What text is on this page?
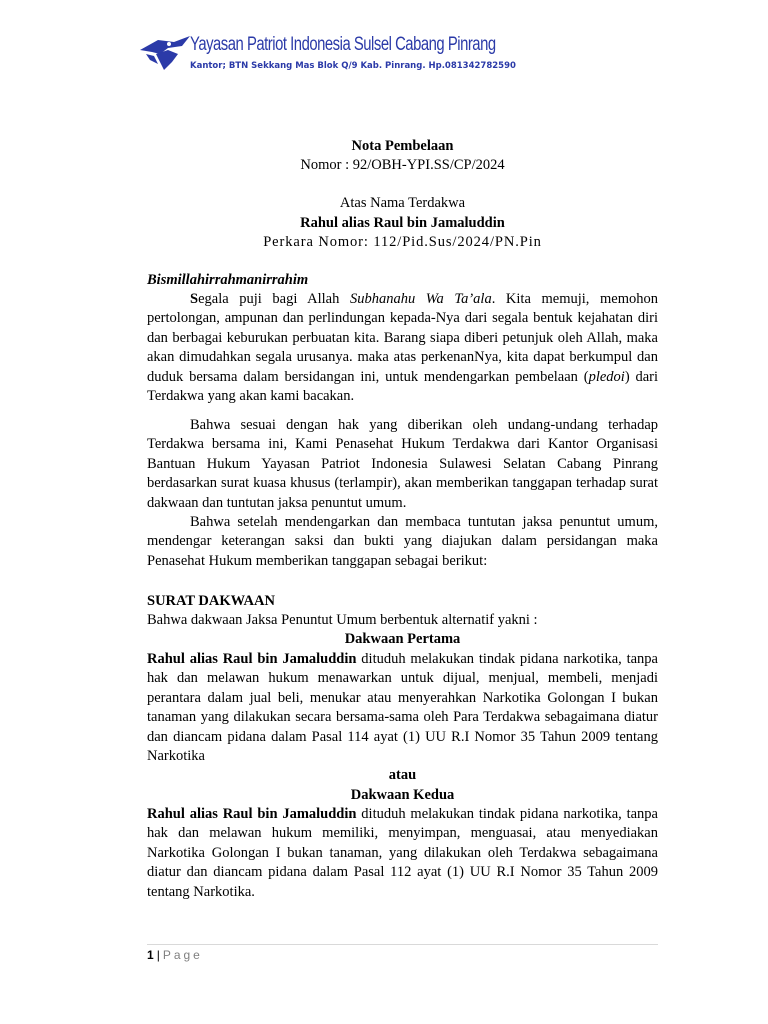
Yayasan Patriot Indonesia Sulsel Cabang Pinrang
Kantor; BTN Sekkang Mas Blok Q/9 Kab. Pinrang. Hp.081342782590
Nota Pembelaan
Nomor : 92/OBH-YPI.SS/CP/2024
Atas Nama Terdakwa
Rahul alias Raul bin Jamaluddin
Perkara Nomor: 112/Pid.Sus/2024/PN.Pin
Bismillahirrahmanirrahim

Segala puji bagi Allah Subhanahu Wa Ta’ala. Kita memuji, memohon pertolongan, ampunan dan perlindungan kepada-Nya dari segala bentuk kejahatan diri dan berbagai keburukan perbuatan kita. Barang siapa diberi petunjuk oleh Allah, maka akan dimudahkan segala urusanya. maka atas perkenanNya, kita dapat berkumpul dan duduk bersama dalam bersidangan ini, untuk mendengarkan pembelaan (pledoi) dari Terdakwa yang akan kami bacakan.

Bahwa sesuai dengan hak yang diberikan oleh undang-undang terhadap Terdakwa bersama ini, Kami Penasehat Hukum Terdakwa dari Kantor Organisasi Bantuan Hukum Yayasan Patriot Indonesia Sulawesi Selatan Cabang Pinrang berdasarkan surat kuasa khusus (terlampir), akan memberikan tanggapan terhadap surat dakwaan dan tuntutan jaksa penuntut umum.

Bahwa setelah mendengarkan dan membaca tuntutan jaksa penuntut umum, mendengar keterangan saksi dan bukti yang diajukan dalam persidangan maka Penasehat Hukum memberikan tanggapan sebagai berikut:

SURAT DAKWAAN
Bahwa dakwaan Jaksa Penuntut Umum berbentuk alternatif yakni :
Dakwaan Pertama

Rahul alias Raul bin Jamaluddin dituduh melakukan tindak pidana narkotika, tanpa hak dan melawan hukum menawarkan untuk dijual, menjual, membeli, menjadi perantara dalam jual beli, menukar atau menyerahkan Narkotika Golongan I bukan tanaman yang dilakukan secara bersama-sama oleh Para Terdakwa sebagaimana diatur dan diancam pidana dalam Pasal 114 ayat (1) UU R.I Nomor 35 Tahun 2009 tentang Narkotika

atau
Dakwaan Kedua

Rahul alias Raul bin Jamaluddin dituduh melakukan tindak pidana narkotika, tanpa hak dan melawan hukum memiliki, menyimpan, menguasai, atau menyediakan Narkotika Golongan I bukan tanaman, yang dilakukan oleh Terdakwa sebagaimana diatur dan diancam pidana dalam Pasal 112 ayat (1) UU R.I Nomor 35 Tahun 2009 tentang Narkotika.

1 | Page
